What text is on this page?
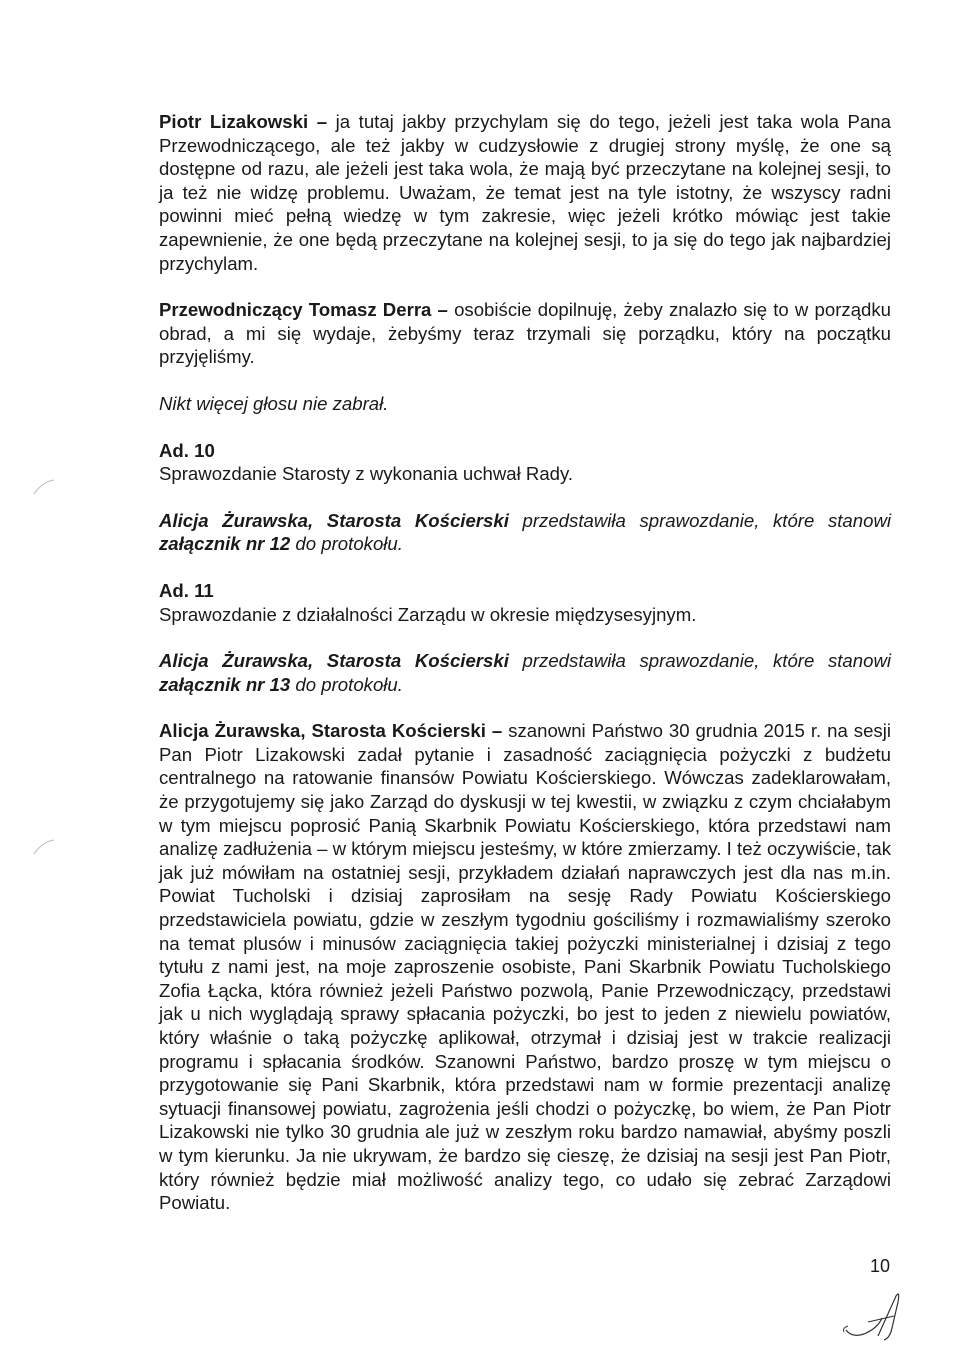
Piotr Lizakowski – ja tutaj jakby przychylam się do tego, jeżeli jest taka wola Pana Przewodniczącego, ale też jakby w cudzysłowie z drugiej strony myślę, że one są dostępne od razu, ale jeżeli jest taka wola, że mają być przeczytane na kolejnej sesji, to ja też nie widzę problemu. Uważam, że temat jest na tyle istotny, że wszyscy radni powinni mieć pełną wiedzę w tym zakresie, więc jeżeli krótko mówiąc jest takie zapewnienie, że one będą przeczytane na kolejnej sesji, to ja się do tego jak najbardziej przychylam.

Przewodniczący Tomasz Derra – osobiście dopilnuję, żeby znalazło się to w porządku obrad, a mi się wydaje, żebyśmy teraz trzymali się porządku, który na początku przyjęliśmy.

Nikt więcej głosu nie zabrał.

Ad. 10
Sprawozdanie Starosty z wykonania uchwał Rady.

Alicja Żurawska, Starosta Kościerski przedstawiła sprawozdanie, które stanowi załącznik nr 12 do protokołu.

Ad. 11
Sprawozdanie z działalności Zarządu w okresie międzysesyjnym.

Alicja Żurawska, Starosta Kościerski przedstawiła sprawozdanie, które stanowi załącznik nr 13 do protokołu.

Alicja Żurawska, Starosta Kościerski – szanowni Państwo 30 grudnia 2015 r. na sesji Pan Piotr Lizakowski zadał pytanie i zasadność zaciągnięcia pożyczki z budżetu centralnego na ratowanie finansów Powiatu Kościerskiego. Wówczas zadeklarowałam, że przygotujemy się jako Zarząd do dyskusji w tej kwestii, w związku z czym chciałabym w tym miejscu poprosić Panią Skarbnik Powiatu Kościerskiego, która przedstawi nam analizę zadłużenia – w którym miejscu jesteśmy, w które zmierzamy. I też oczywiście, tak jak już mówiłam na ostatniej sesji, przykładem działań naprawczych jest dla nas m.in. Powiat Tucholski i dzisiaj zaprosiłam na sesję Rady Powiatu Kościerskiego przedstawiciela powiatu, gdzie w zeszłym tygodniu gościliśmy i rozmawialiśmy szeroko na temat plusów i minusów zaciągnięcia takiej pożyczki ministerialnej i dzisiaj z tego tytułu z nami jest, na moje zaproszenie osobiste, Pani Skarbnik Powiatu Tucholskiego Zofia Łącka, która również jeżeli Państwo pozwolą, Panie Przewodniczący, przedstawi jak u nich wyglądają sprawy spłacania pożyczki, bo jest to jeden z niewielu powiatów, który właśnie o taką pożyczkę aplikował, otrzymał i dzisiaj jest w trakcie realizacji programu i spłacania środków. Szanowni Państwo, bardzo proszę w tym miejscu o przygotowanie się Pani Skarbnik, która przedstawi nam w formie prezentacji analizę sytuacji finansowej powiatu, zagrożenia jeśli chodzi o pożyczkę, bo wiem, że Pan Piotr Lizakowski nie tylko 30 grudnia ale już w zeszłym roku bardzo namawiał, abyśmy poszli w tym kierunku. Ja nie ukrywam, że bardzo się cieszę, że dzisiaj na sesji jest Pan Piotr, który również będzie miał możliwość analizy tego, co udało się zebrać Zarządowi Powiatu.

10
